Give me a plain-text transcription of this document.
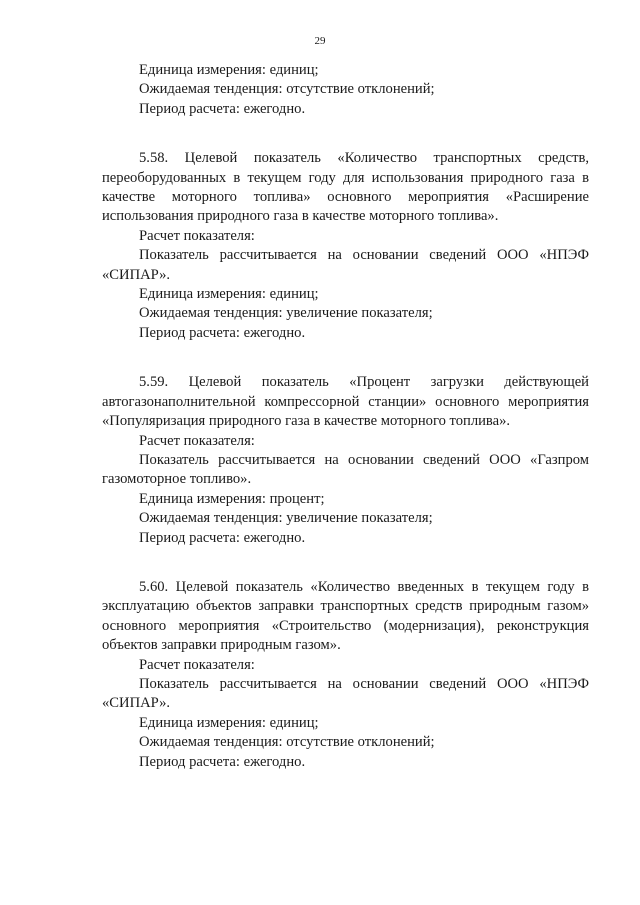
29
Единица измерения: единиц;
Ожидаемая тенденция: отсутствие отклонений;
Период расчета: ежегодно.
5.58. Целевой показатель «Количество транспортных средств, переоборудованных в текущем году для использования природного газа в качестве моторного топлива» основного мероприятия «Расширение использования природного газа в качестве моторного топлива».
Расчет показателя:
Показатель рассчитывается на основании сведений ООО «НПЭФ «СИПАР».
Единица измерения: единиц;
Ожидаемая тенденция: увеличение показателя;
Период расчета: ежегодно.
5.59. Целевой показатель «Процент загрузки действующей автогазонаполнительной компрессорной станции» основного мероприятия «Популяризация природного газа в качестве моторного топлива».
Расчет показателя:
Показатель рассчитывается на основании сведений ООО «Газпром газомоторное топливо».
Единица измерения: процент;
Ожидаемая тенденция: увеличение показателя;
Период расчета: ежегодно.
5.60. Целевой показатель «Количество введенных в текущем году в эксплуатацию объектов заправки транспортных средств природным газом» основного мероприятия «Строительство (модернизация), реконструкция объектов заправки природным газом».
Расчет показателя:
Показатель рассчитывается на основании сведений ООО «НПЭФ «СИПАР».
Единица измерения: единиц;
Ожидаемая тенденция: отсутствие отклонений;
Период расчета: ежегодно.
